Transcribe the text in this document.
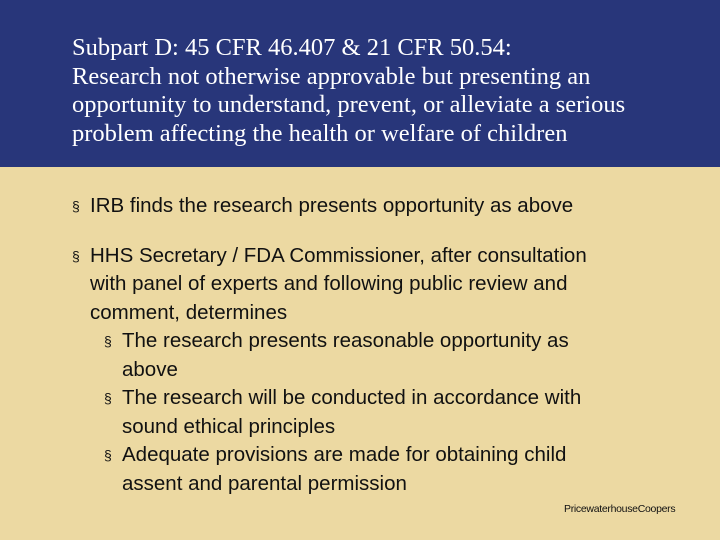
Subpart D: 45 CFR 46.407 & 21 CFR 50.54:
Research not otherwise approvable but presenting an
opportunity to understand, prevent, or alleviate a serious
problem affecting the health or welfare of children
§ IRB finds the research presents opportunity as above
§ HHS Secretary / FDA Commissioner, after consultation
with panel of experts and following public review and
comment, determines
§ The research presents reasonable opportunity as
above
§ The research will be conducted in accordance with
sound ethical principles
§ Adequate provisions are made for obtaining child
assent and parental permission
PricewaterhouseCoopers
